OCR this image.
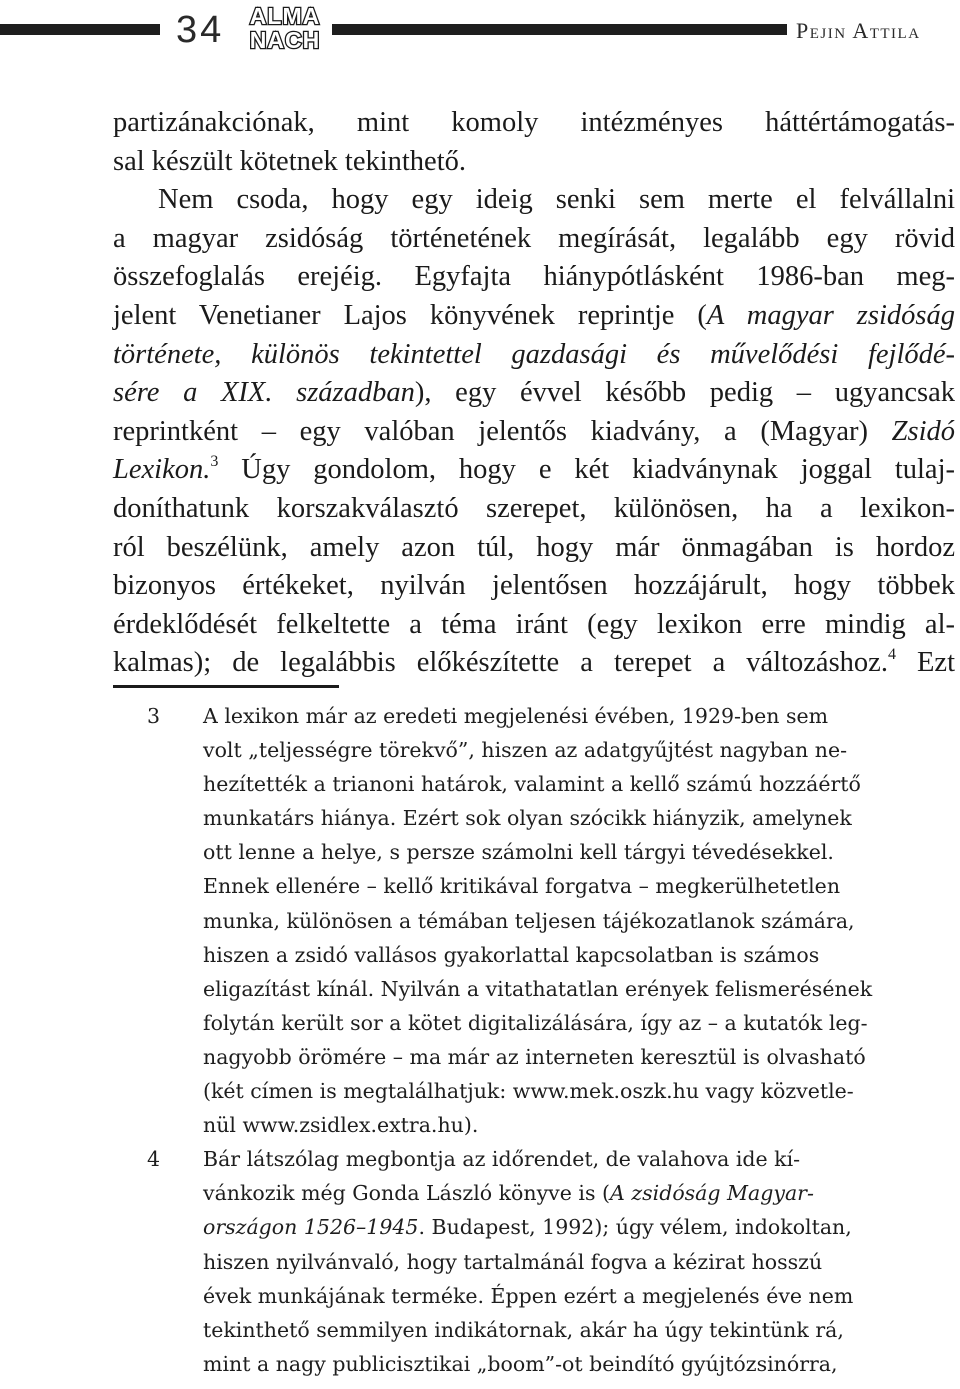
34 ALMA
NACH	Pejin Attila
partizánakciónak, mint komoly intézményes háttértámogatás-
sal készült kötetnek tekinthető.
Nem csoda, hogy egy ideig senki sem merte el felvállalni
a magyar zsidóság történetének megírását, legalább egy rövid
összefoglalás erejéig. Egyfajta hiánypótlásként 1986-ban meg-
jelent Venetianer Lajos könyvének reprintje (A magyar zsidóság
története, különös tekintettel gazdasági és művelődési fejlődé-
sére a XIX. században), egy évvel később pedig – ugyancsak
reprintként – egy valóban jelentős kiadvány, a (Magyar) Zsidó
Lexikon.$^3$ Úgy gondolom, hogy e két kiadványnak joggal tulaj-
doníthatunk korszakválasztó szerepet, különösen, ha a lexikon-
ról beszélünk, amely azon túl, hogy már önmagában is hordoz
bizonyos értékeket, nyilván jelentősen hozzájárult, hogy többek
érdeklődését felkeltette a téma iránt (egy lexikon erre mindig al-
kalmas); de legalábbis előkészítette a terepet a változáshoz.$^4$ Ezt
3 A lexikon már az eredeti megjelenési évében, 1929-ben sem
volt „teljességre törekvő”, hiszen az adatgyűjtést nagyban ne-
hezítették a trianoni határok, valamint a kellő számú hozzáértő
munkatárs hiánya. Ezért sok olyan szócikk hiányzik, amelynek
ott lenne a helye, s persze számolni kell tárgyi tévedésekkel.
Ennek ellenére – kellő kritikával forgatva – megkerülhetetlen
munka, különösen a témában teljesen tájékozatlanok számára,
hiszen a zsidó vallásos gyakorlattal kapcsolatban is számos
eligazítást kínál. Nyilván a vitathatatlan erények felismerésének
folytán került sor a kötet digitalizálására, így az – a kutatók leg-
nagyobb örömére – ma már az interneten keresztül is olvasható
(két címen is megtalálhatjuk: www.mek.oszk.hu vagy közvetle-
nül www.zsidlex.extra.hu).
4 Bár látszólag megbontja az időrendet, de valahova ide kí-
vánkozik még Gonda László könyve is (A zsidóság Magyar-
országon 1526–1945. Budapest, 1992); úgy vélem, indokoltan,
hiszen nyilvánvaló, hogy tartalmánál fogva a kézirat hosszú
évek munkájának terméke. Éppen ezért a megjelenés éve nem
tekinthető semmilyen indikátornak, akár ha úgy tekintünk rá,
mint a nagy publicisztikai „boom”-ot beindító gyújtózsinórra,
